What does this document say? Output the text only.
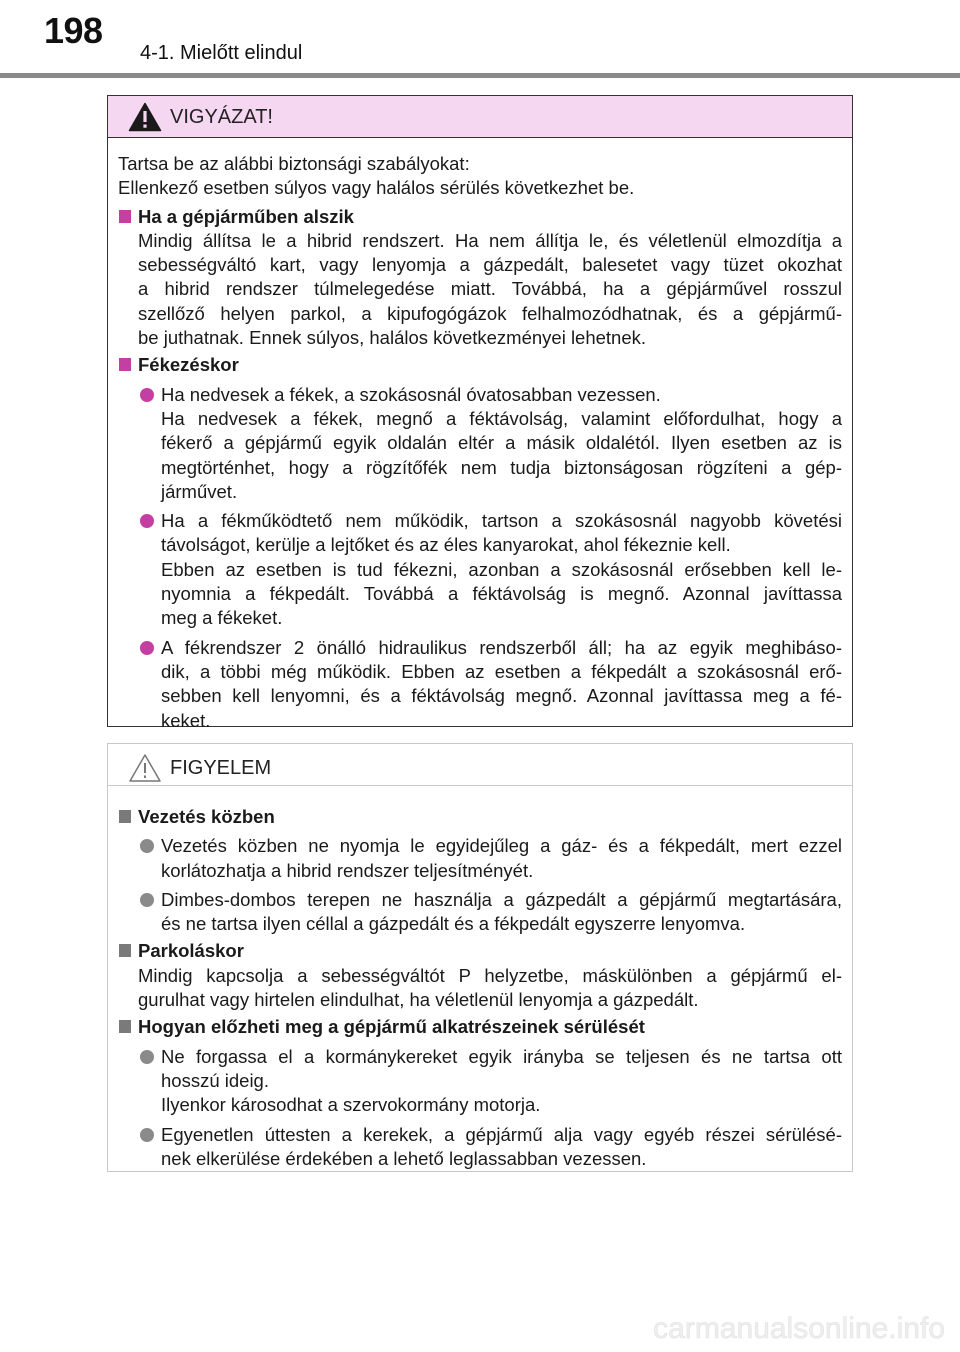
198
4-1. Mielőtt elindul
VIGYÁZAT!
Tartsa be az alábbi biztonsági szabályokat:
Ellenkező esetben súlyos vagy halálos sérülés következhet be.
Ha a gépjárműben alszik
Mindig állítsa le a hibrid rendszert. Ha nem állítja le, és véletlenül elmozdítja a
sebességváltó kart, vagy lenyomja a gázpedált, balesetet vagy tüzet okozhat
a hibrid rendszer túlmelegedése miatt. Továbbá, ha a gépjárművel rosszul
szellőző helyen parkol, a kipufogógázok felhalmozódhatnak, és a gépjármű-
be juthatnak. Ennek súlyos, halálos következményei lehetnek.
Fékezéskor
Ha nedvesek a fékek, a szokásosnál óvatosabban vezessen.
Ha nedvesek a fékek, megnő a féktávolság, valamint előfordulhat, hogy a
fékerő a gépjármű egyik oldalán eltér a másik oldalétól. Ilyen esetben az is
megtörténhet, hogy a rögzítőfék nem tudja biztonságosan rögzíteni a gép-
járművet.
Ha a fékműködtető nem működik, tartson a szokásosnál nagyobb követési
távolságot, kerülje a lejtőket és az éles kanyarokat, ahol fékeznie kell.
Ebben az esetben is tud fékezni, azonban a szokásosnál erősebben kell le-
nyomnia a fékpedált. Továbbá a féktávolság is megnő. Azonnal javíttassa
meg a fékeket.
A fékrendszer 2 önálló hidraulikus rendszerből áll; ha az egyik meghibáso-
dik, a többi még működik. Ebben az esetben a fékpedált a szokásosnál erő-
sebben kell lenyomni, és a féktávolság megnő. Azonnal javíttassa meg a fé-
keket.
FIGYELEM
Vezetés közben
Vezetés közben ne nyomja le egyidejűleg a gáz- és a fékpedált, mert ezzel
korlátozhatja a hibrid rendszer teljesítményét.
Dimbes-dombos terepen ne használja a gázpedált a gépjármű megtartására,
és ne tartsa ilyen céllal a gázpedált és a fékpedált egyszerre lenyomva.
Parkoláskor
Mindig kapcsolja a sebességváltót P helyzetbe, máskülönben a gépjármű el-
gurulhat vagy hirtelen elindulhat, ha véletlenül lenyomja a gázpedált.
Hogyan előzheti meg a gépjármű alkatrészeinek sérülését
Ne forgassa el a kormánykereket egyik irányba se teljesen és ne tartsa ott
hosszú ideig.
Ilyenkor károsodhat a szervokormány motorja.
Egyenetlen úttesten a kerekek, a gépjármű alja vagy egyéb részei sérülésé-
nek elkerülése érdekében a lehető leglassabban vezessen.
carmanualsonline.info
